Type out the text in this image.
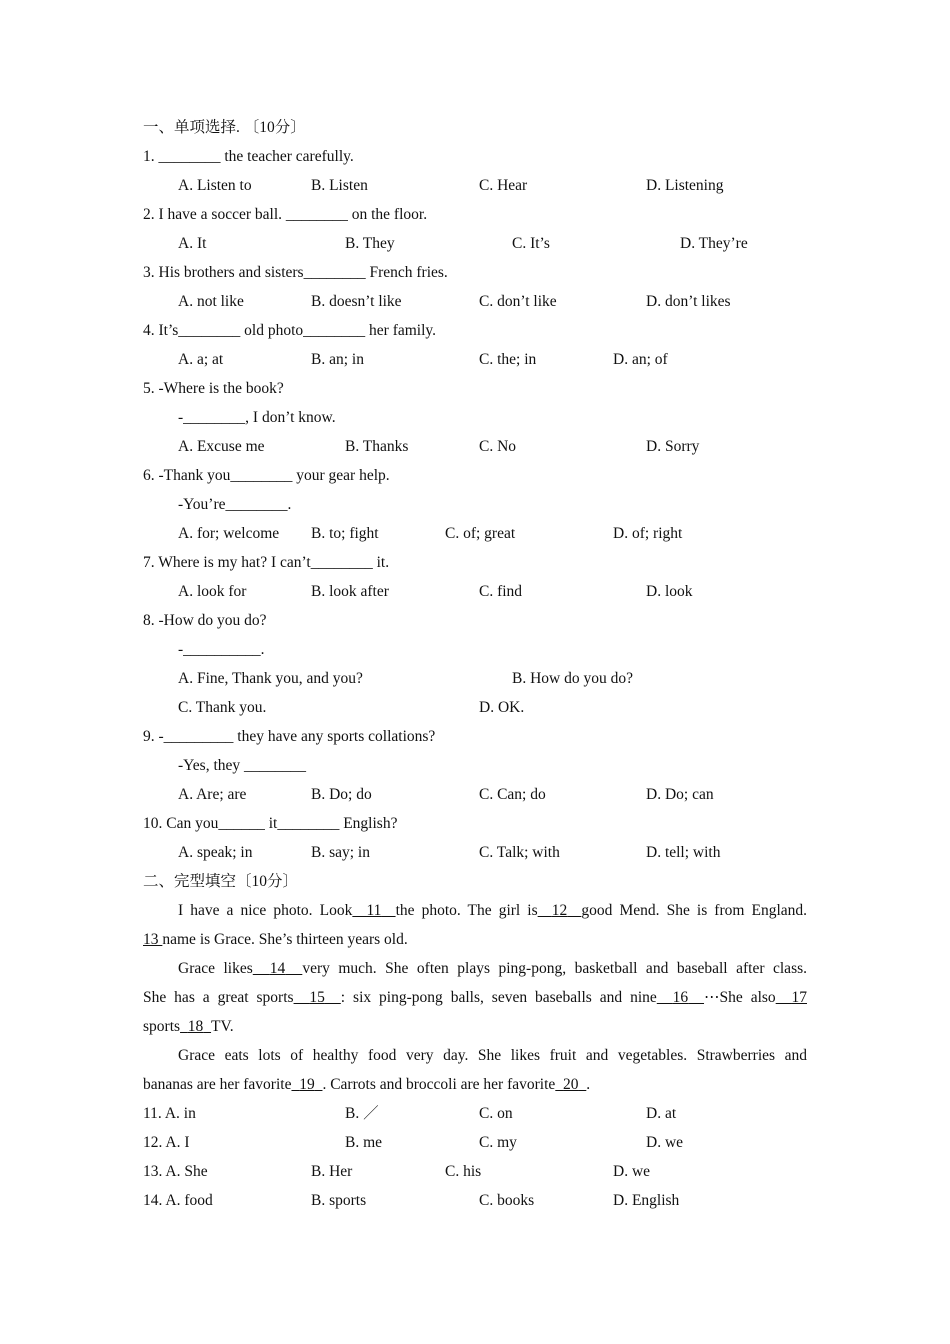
一、单项选择. 〔10分〕
1. ________ the teacher carefully.
A. Listen to	B. Listen	C. Hear	D. Listening
2. I have a soccer ball. ________ on the floor.
A. It	B. They	C. It’s	D. They’re
3. His brothers and sisters________ French fries.
A. not like	B. doesn’t like	C. don’t like	D. don’t likes
4. It’s________ old photo________ her family.
A. a; at	B. an; in	C. the; in	D. an; of
5. -Where is the book?
-________, I don’t know.
A. Excuse me	B. Thanks	C. No	D. Sorry
6. -Thank you________ your gear help.
-You’re________.
A. for; welcome B. to; fight	C. of; great	D. of; right
7. Where is my hat? I can’t________ it.
A. look for	B. look after	C. find	D. look
8. -How do you do?
-__________.
A. Fine, Thank you, and you?	B. How do you do?
C. Thank you.	D. OK.
9. -_________ they have any sports collations?
-Yes, they ________
A. Are; are	B. Do; do	C. Can; do	D. Do; can
10. Can you______ it________ English?
A. speak; in	B. say; in	C. Talk; with	D. tell; with
二、完型填空〔10分〕
I have a nice photo. Look 11 the photo. The girl is 12 good Mend. She is from England.
13 name is Grace. She’s thirteen years old.
Grace likes 14 very much. She often plays ping-pong, basketball and baseball after class.
She has a great sports 15 : six ping-pong balls, seven baseballs and nine 16 ⋯She also 17
sports 18 TV.
Grace eats lots of healthy food very day. She likes fruit and vegetables. Strawberries and
bananas are her favorite 19 . Carrots and broccoli are her favorite 20 .
11. A. in	B. ／	C. on	D. at
12. A. I	B. me	C. my	D. we
13. A. She	B. Her	C. his	D. we
14. A. food	B. sports	C. books	D. English
